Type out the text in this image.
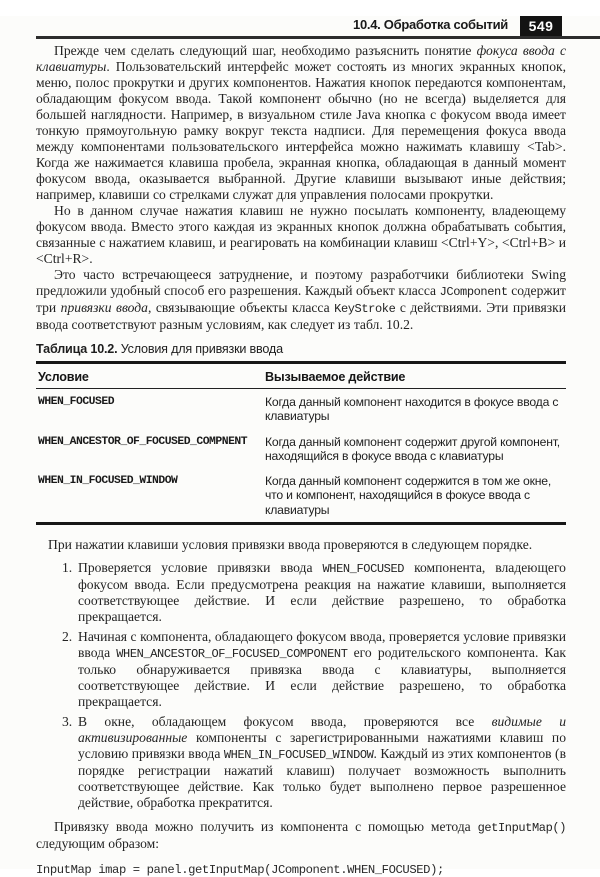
10.4. Обработка событий	549

Прежде чем сделать следующий шаг, необходимо разъяснить понятие фокуса ввода с клавиатуры. Пользовательский интерфейс может состоять из многих экранных кнопок, меню, полос прокрутки и других компонентов. Нажатия кнопок передаются компонентам, обладающим фокусом ввода. Такой компонент обычно (но не всегда) выделяется для большей наглядности. Например, в визуальном стиле Java кнопка с фокусом ввода имеет тонкую прямоугольную рамку вокруг текста надписи. Для перемещения фокуса ввода между компонентами пользовательского интерфейса можно нажимать клавишу <Tab>. Когда же нажимается клавиша пробела, экранная кнопка, обладающая в данный момент фокусом ввода, оказывается выбранной. Другие клавиши вызывают иные действия; например, клавиши со стрелками служат для управления полосами прокрутки.

Но в данном случае нажатия клавиш не нужно посылать компоненту, владеющему фокусом ввода. Вместо этого каждая из экранных кнопок должна обрабатывать события, связанные с нажатием клавиш, и реагировать на комбинации клавиш <Ctrl+Y>, <Ctrl+B> и <Ctrl+R>.

Это часто встречающееся затруднение, и поэтому разработчики библиотеки Swing предложили удобный способ его разрешения. Каждый объект класса JComponent содержит три привязки ввода, связывающие объекты класса KeyStroke с действиями. Эти привязки ввода соответствуют разным условиям, как следует из табл. 10.2.

Таблица 10.2. Условия для привязки ввода
Условие	Вызываемое действие
WHEN_FOCUSED	Когда данный компонент находится в фокусе ввода с клавиатуры
WHEN_ANCESTOR_OF_FOCUSED_COMPNENT	Когда данный компонент содержит другой компонент, находящийся в фокусе ввода с клавиатуры
WHEN_IN_FOCUSED_WINDOW	Когда данный компонент содержится в том же окне, что и компонент, находящийся в фокусе ввода с клавиатуры

При нажатии клавиши условия привязки ввода проверяются в следующем порядке.

1. Проверяется условие привязки ввода WHEN_FOCUSED компонента, владеющего фокусом ввода. Если предусмотрена реакция на нажатие клавиши, выполняется соответствующее действие. И если действие разрешено, то обработка прекращается.
2. Начиная с компонента, обладающего фокусом ввода, проверяется условие привязки ввода WHEN_ANCESTOR_OF_FOCUSED_COMPONENT его родительского компонента. Как только обнаруживается привязка ввода с клавиатуры, выполняется соответствующее действие. И если действие разрешено, то обработка прекращается.
3. В окне, обладающем фокусом ввода, проверяются все видимые и активизированные компоненты с зарегистрированными нажатиями клавиш по условию привязки ввода WHEN_IN_FOCUSED_WINDOW. Каждый из этих компонентов (в порядке регистрации нажатий клавиш) получает возможность выполнить соответствующее действие. Как только будет выполнено первое разрешенное действие, обработка прекратится.

Привязку ввода можно получить из компонента с помощью метода getInputMap() следующим образом:

InputMap imap = panel.getInputMap(JComponent.WHEN_FOCUSED);
